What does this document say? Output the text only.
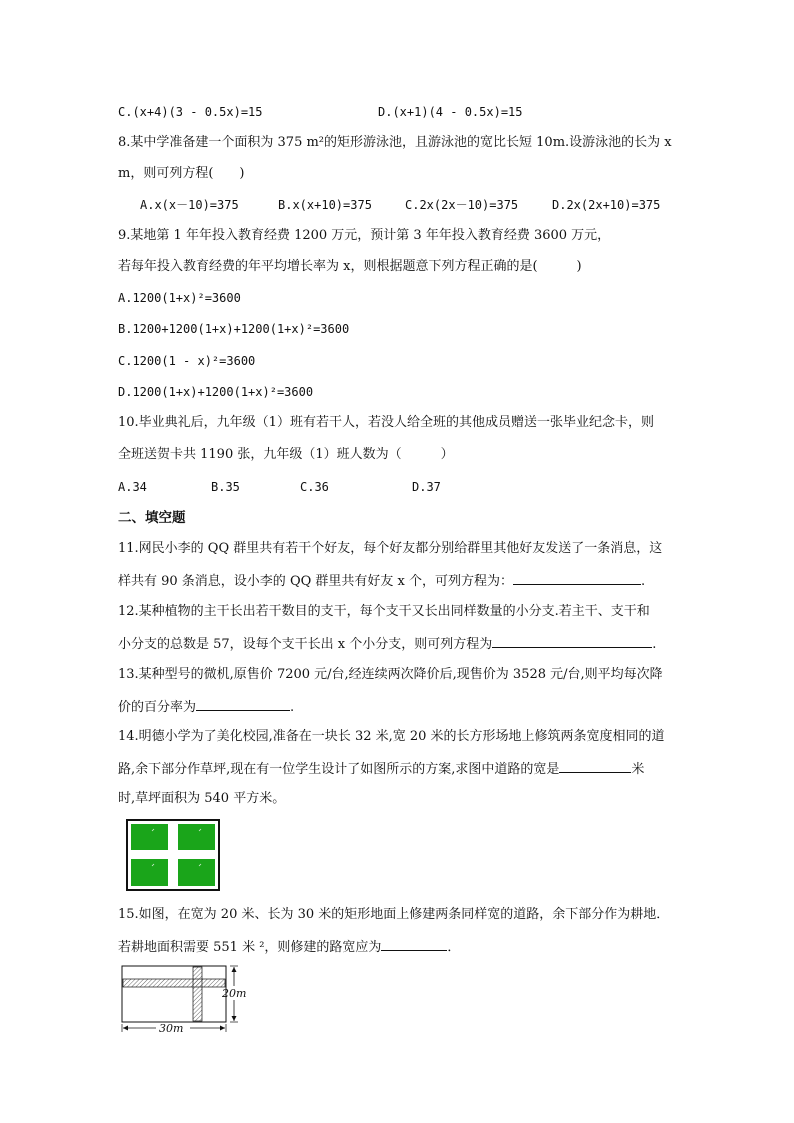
C.(x+4)(3 - 0.5x)=15	D.(x+1)(4 - 0.5x)=15
8.某中学准备建一个面积为 375 m²的矩形游泳池，且游泳池的宽比长短 10m.设游泳池的长为 x
m，则可列方程(　　)
A.x(x－10)=375	B.x(x+10)=375	C.2x(2x－10)=375	D.2x(2x+10)=375
9.某地第 1 年年投入教育经费 1200 万元，预计第 3 年年投入教育经费 3600 万元，
若每年投入教育经费的年平均增长率为 x，则根据题意下列方程正确的是(　　　)
A.1200(1+x)²=3600
B.1200+1200(1+x)+1200(1+x)²=3600
C.1200(1 - x)²=3600
D.1200(1+x)+1200(1+x)²=3600
10.毕业典礼后，九年级（1）班有若干人，若没人给全班的其他成员赠送一张毕业纪念卡，则
全班送贺卡共 1190 张，九年级（1）班人数为（　　　）
A.34	B.35	C.36	D.37
二、填空题
11.网民小李的 QQ 群里共有若干个好友，每个好友都分别给群里其他好友发送了一条消息，这
样共有 90 条消息，设小李的 QQ 群里共有好友 x 个，可列方程为：	.
12.某种植物的主干长出若干数目的支干，每个支干又长出同样数量的小分支.若主干、支干和
小分支的总数是 57，设每个支干长出 x 个小分支，则可列方程为	.
13.某种型号的微机,原售价 7200 元/台,经连续两次降价后,现售价为 3528 元/台,则平均每次降
价的百分率为	.
14.明德小学为了美化校园,准备在一块长 32 米,宽 20 米的长方形场地上修筑两条宽度相同的道
路,余下部分作草坪,现在有一位学生设计了如图所示的方案,求图中道路的宽是	米
时,草坪面积为 540 平方米。
15.如图，在宽为 20 米、长为 30 米的矩形地面上修建两条同样宽的道路，余下部分作为耕地．
若耕地面积需要 551 米 ²，则修建的路宽应为	．
20m
30m
